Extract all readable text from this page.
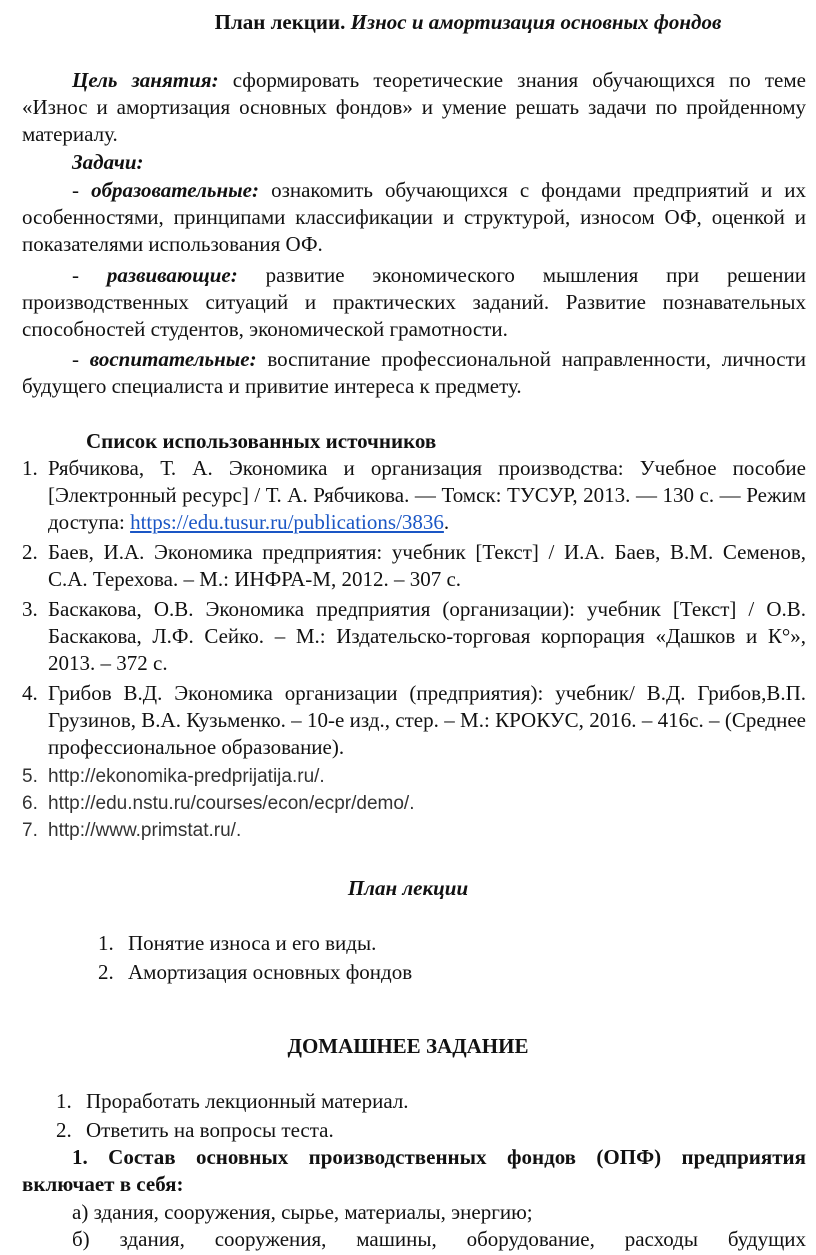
План лекции. Износ и амортизация основных фондов

Цель занятия: сформировать теоретические знания обучающихся по теме «Износ и амортизация основных фондов» и умение решать задачи по пройденному материалу.

Задачи:

- образовательные: ознакомить обучающихся с фондами предприятий и их особенностями, принципами классификации и структурой, износом ОФ, оценкой и показателями использования ОФ.

- развивающие: развитие экономического мышления при решении производственных ситуаций и практических заданий. Развитие познавательных способностей студентов, экономической грамотности.

- воспитательные: воспитание профессиональной направленности, личности будущего специалиста и привитие интереса к предмету.

Список использованных источников

1. Рябчикова, Т. А. Экономика и организация производства: Учебное пособие [Электронный ресурс] / Т. А. Рябчикова. — Томск: ТУСУР, 2013. — 130 с. — Режим доступа: https://edu.tusur.ru/publications/3836.
2. Баев, И.А. Экономика предприятия: учебник [Текст] / И.А. Баев, В.М. Семенов, С.А. Терехова. – М.: ИНФРА-М, 2012. – 307 с.
3. Баскакова, О.В. Экономика предприятия (организации): учебник [Текст] / О.В. Баскакова, Л.Ф. Сейко. – М.: Издательско-торговая корпорация «Дашков и К°», 2013. – 372 с.
4. Грибов В.Д. Экономика организации (предприятия): учебник/ В.Д. Грибов,В.П. Грузинов, В.А. Кузьменко. – 10-е изд., стер. – М.: КРОКУС, 2016. – 416с. – (Среднее профессиональное образование).
5. http://ekonomika-predprijatija.ru/.
6. http://edu.nstu.ru/courses/econ/ecpr/demo/.
7. http://www.primstat.ru/.

План лекции

1. Понятие износа и его виды.
2. Амортизация основных фондов

ДОМАШНЕЕ ЗАДАНИЕ

1. Проработать лекционный материал.
2. Ответить на вопросы теста.

1. Состав основных производственных фондов (ОПФ) предприятия включает в себя:

а) здания, сооружения, сырье, материалы, энергию;

б) здания, сооружения, машины, оборудование, расходы будущих
